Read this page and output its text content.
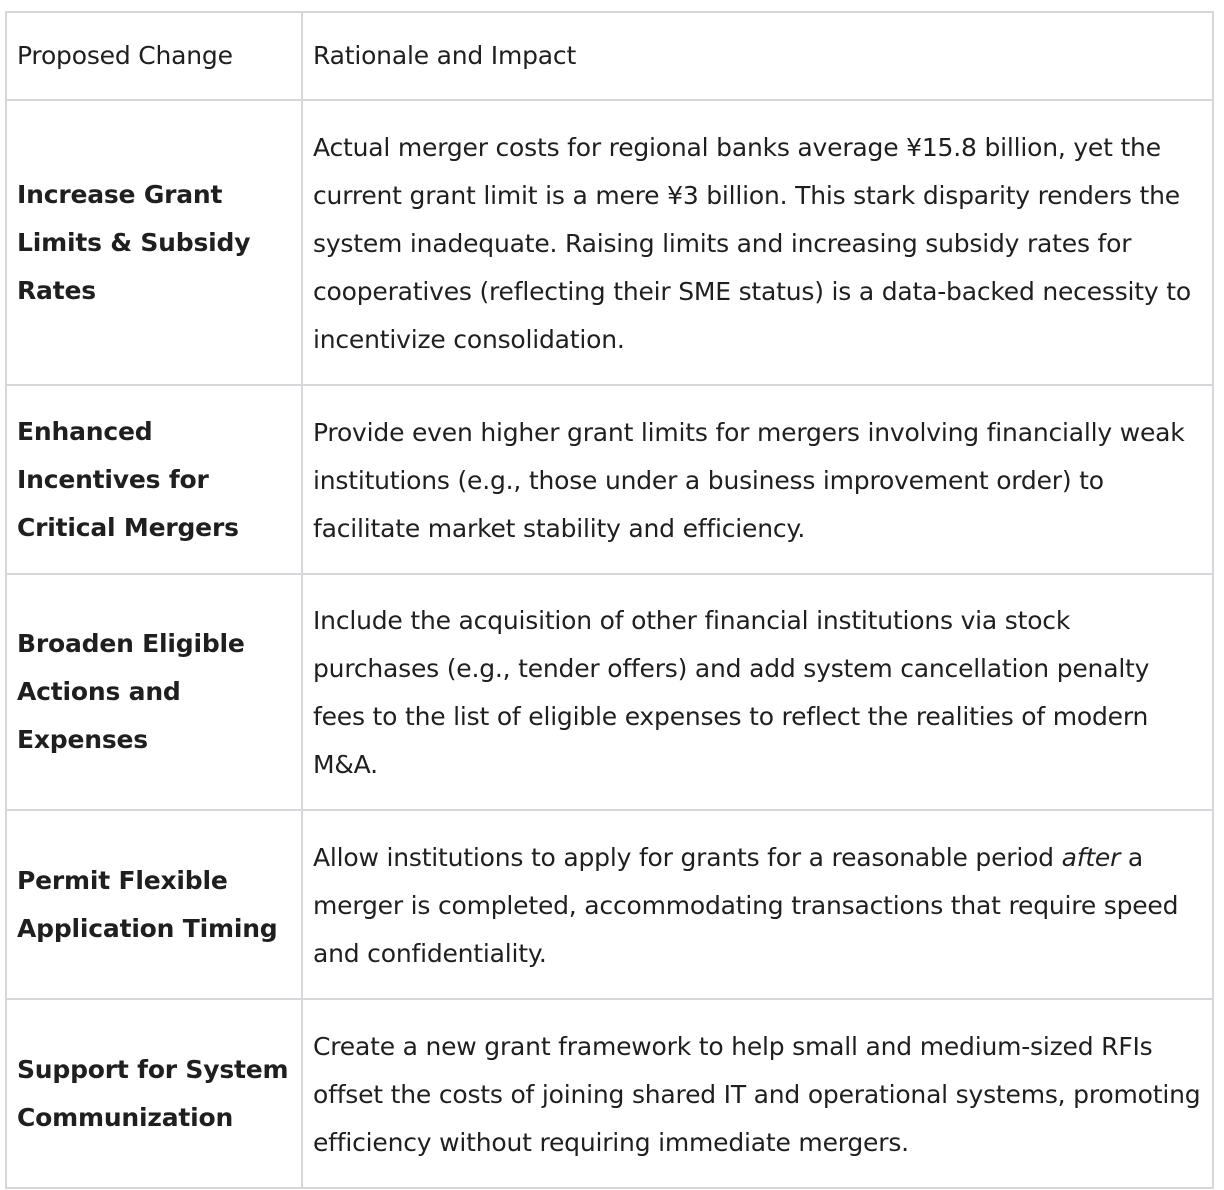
Proposed Change	Rationale and Impact
Increase Grant Limits & Subsidy Rates	Actual merger costs for regional banks average ¥15.8 billion, yet the current grant limit is a mere ¥3 billion. This stark disparity renders the system inadequate. Raising limits and increasing subsidy rates for cooperatives (reflecting their SME status) is a data-backed necessity to incentivize consolidation.
Enhanced Incentives for Critical Mergers	Provide even higher grant limits for mergers involving financially weak institutions (e.g., those under a business improvement order) to facilitate market stability and efficiency.
Broaden Eligible Actions and Expenses	Include the acquisition of other financial institutions via stock purchases (e.g., tender offers) and add system cancellation penalty fees to the list of eligible expenses to reflect the realities of modern M&A.
Permit Flexible Application Timing	Allow institutions to apply for grants for a reasonable period after a merger is completed, accommodating transactions that require speed and confidentiality.
Support for System Communization	Create a new grant framework to help small and medium-sized RFIs offset the costs of joining shared IT and operational systems, promoting efficiency without requiring immediate mergers.
